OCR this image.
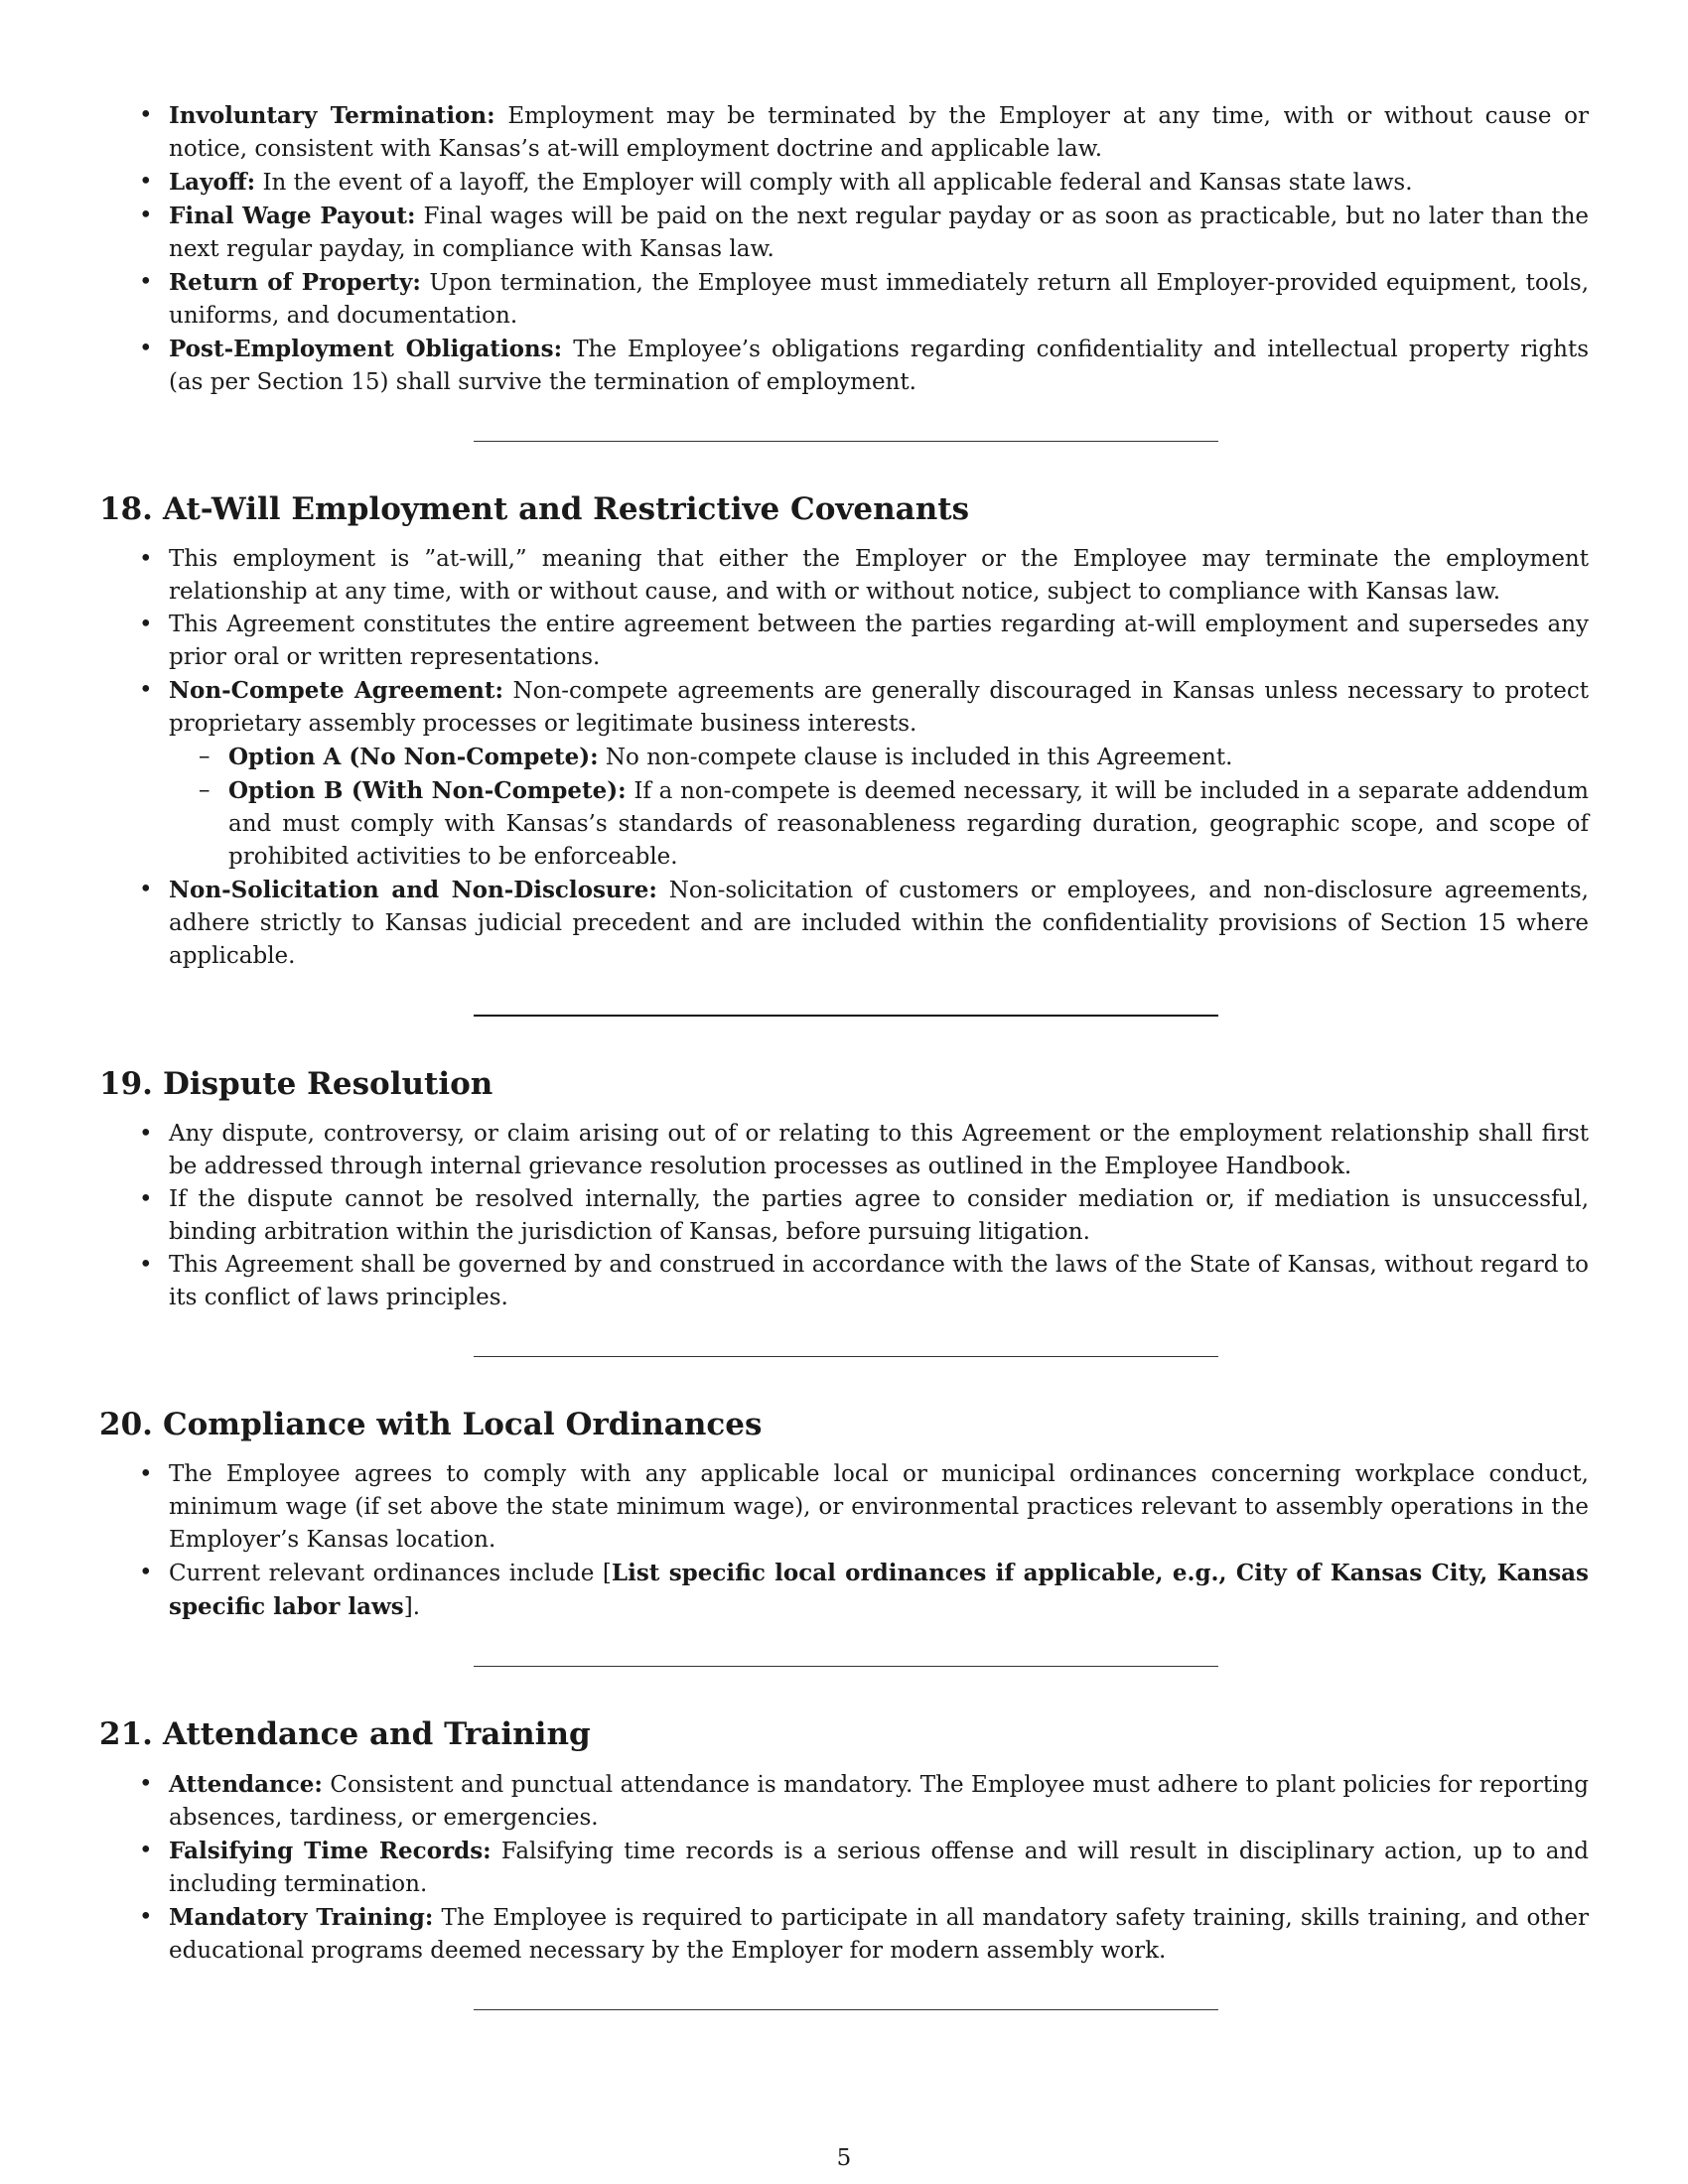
• Involuntary Termination: Employment may be terminated by the Employer at any time, with or without cause or notice, consistent with Kansas’s at-will employment doctrine and applicable law.
• Layoff: In the event of a layoff, the Employer will comply with all applicable federal and Kansas state laws.
• Final Wage Payout: Final wages will be paid on the next regular payday or as soon as practicable, but no later than the next regular payday, in compliance with Kansas law.
• Return of Property: Upon termination, the Employee must immediately return all Employer-provided equipment, tools, uniforms, and documentation.
• Post-Employment Obligations: The Employee’s obligations regarding confidentiality and intellectual property rights (as per Section 15) shall survive the termination of employment.
18. At-Will Employment and Restrictive Covenants
• This employment is ”at-will,” meaning that either the Employer or the Employee may terminate the employment relationship at any time, with or without cause, and with or without notice, subject to compliance with Kansas law.
• This Agreement constitutes the entire agreement between the parties regarding at-will employment and supersedes any prior oral or written representations.
• Non-Compete Agreement: Non-compete agreements are generally discouraged in Kansas unless necessary to protect proprietary assembly processes or legitimate business interests.
– Option A (No Non-Compete): No non-compete clause is included in this Agreement.
– Option B (With Non-Compete): If a non-compete is deemed necessary, it will be included in a separate addendum and must comply with Kansas’s standards of reasonableness regarding duration, geographic scope, and scope of prohibited activities to be enforceable.
• Non-Solicitation and Non-Disclosure: Non-solicitation of customers or employees, and non-disclosure agreements, adhere strictly to Kansas judicial precedent and are included within the confidentiality provisions of Section 15 where applicable.
19. Dispute Resolution
• Any dispute, controversy, or claim arising out of or relating to this Agreement or the employment relationship shall first be addressed through internal grievance resolution processes as outlined in the Employee Handbook.
• If the dispute cannot be resolved internally, the parties agree to consider mediation or, if mediation is unsuccessful, binding arbitration within the jurisdiction of Kansas, before pursuing litigation.
• This Agreement shall be governed by and construed in accordance with the laws of the State of Kansas, without regard to its conflict of laws principles.
20. Compliance with Local Ordinances
• The Employee agrees to comply with any applicable local or municipal ordinances concerning workplace conduct, minimum wage (if set above the state minimum wage), or environmental practices relevant to assembly operations in the Employer’s Kansas location.
• Current relevant ordinances include [List specific local ordinances if applicable, e.g., City of Kansas City, Kansas specific labor laws].
21. Attendance and Training
• Attendance: Consistent and punctual attendance is mandatory. The Employee must adhere to plant policies for reporting absences, tardiness, or emergencies.
• Falsifying Time Records: Falsifying time records is a serious offense and will result in disciplinary action, up to and including termination.
• Mandatory Training: The Employee is required to participate in all mandatory safety training, skills training, and other educational programs deemed necessary by the Employer for modern assembly work.
5
